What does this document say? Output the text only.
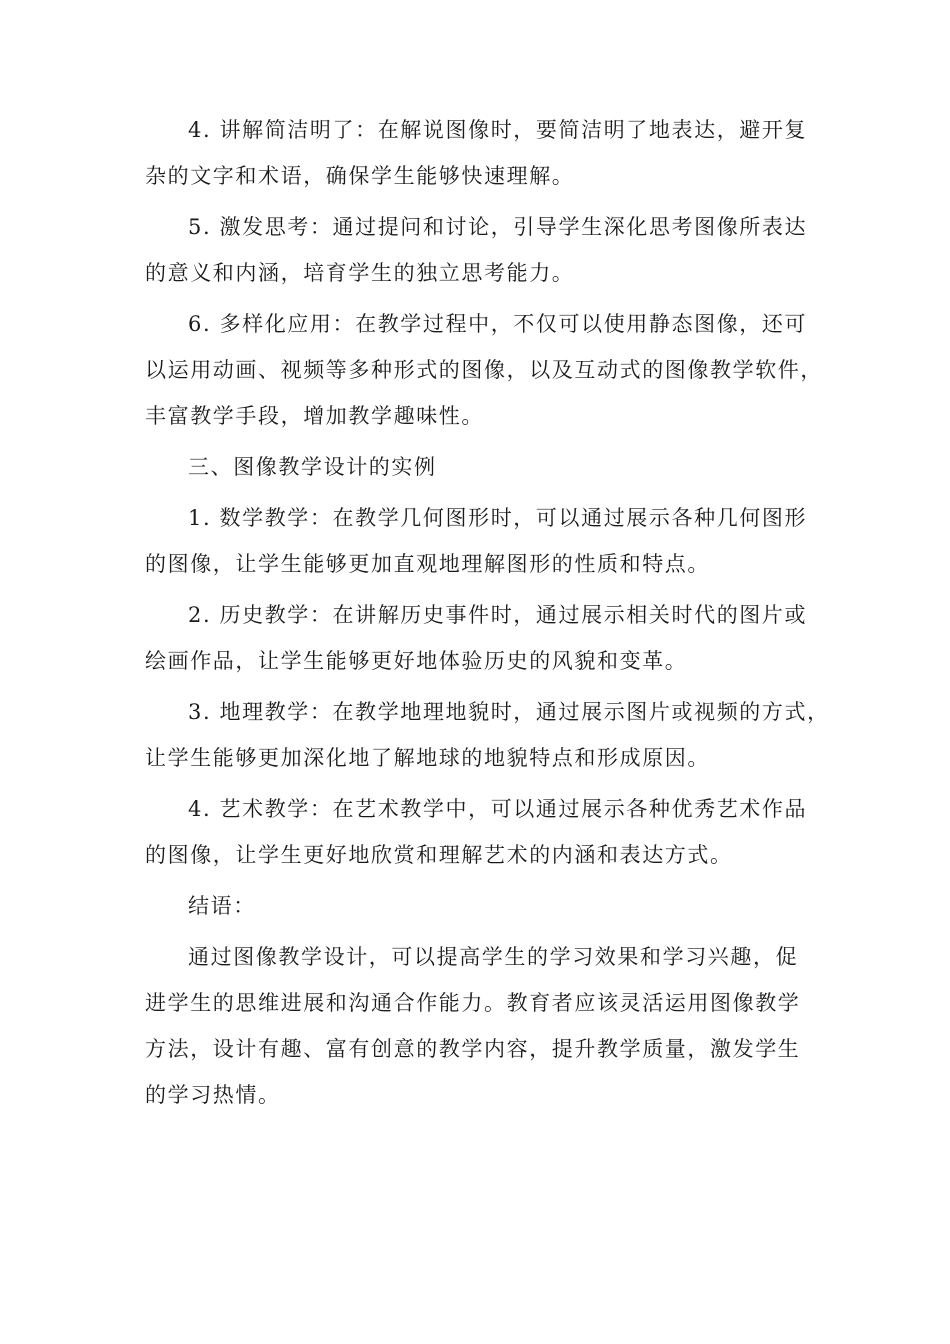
4. 讲解简洁明了：在解说图像时，要简洁明了地表达，避开复
杂的文字和术语，确保学生能够快速理解。
5. 激发思考：通过提问和讨论，引导学生深化思考图像所表达
的意义和内涵，培育学生的独立思考能力。
6. 多样化应用：在教学过程中，不仅可以使用静态图像，还可
以运用动画、视频等多种形式的图像，以及互动式的图像教学软件，
丰富教学手段，增加教学趣味性。
三、图像教学设计的实例
1. 数学教学：在教学几何图形时，可以通过展示各种几何图形
的图像，让学生能够更加直观地理解图形的性质和特点。
2. 历史教学：在讲解历史事件时，通过展示相关时代的图片或
绘画作品，让学生能够更好地体验历史的风貌和变革。
3. 地理教学：在教学地理地貌时，通过展示图片或视频的方式，
让学生能够更加深化地了解地球的地貌特点和形成原因。
4. 艺术教学：在艺术教学中，可以通过展示各种优秀艺术作品
的图像，让学生更好地欣赏和理解艺术的内涵和表达方式。
结语：
通过图像教学设计，可以提高学生的学习效果和学习兴趣，促
进学生的思维进展和沟通合作能力。教育者应该灵活运用图像教学
方法，设计有趣、富有创意的教学内容，提升教学质量，激发学生
的学习热情。
